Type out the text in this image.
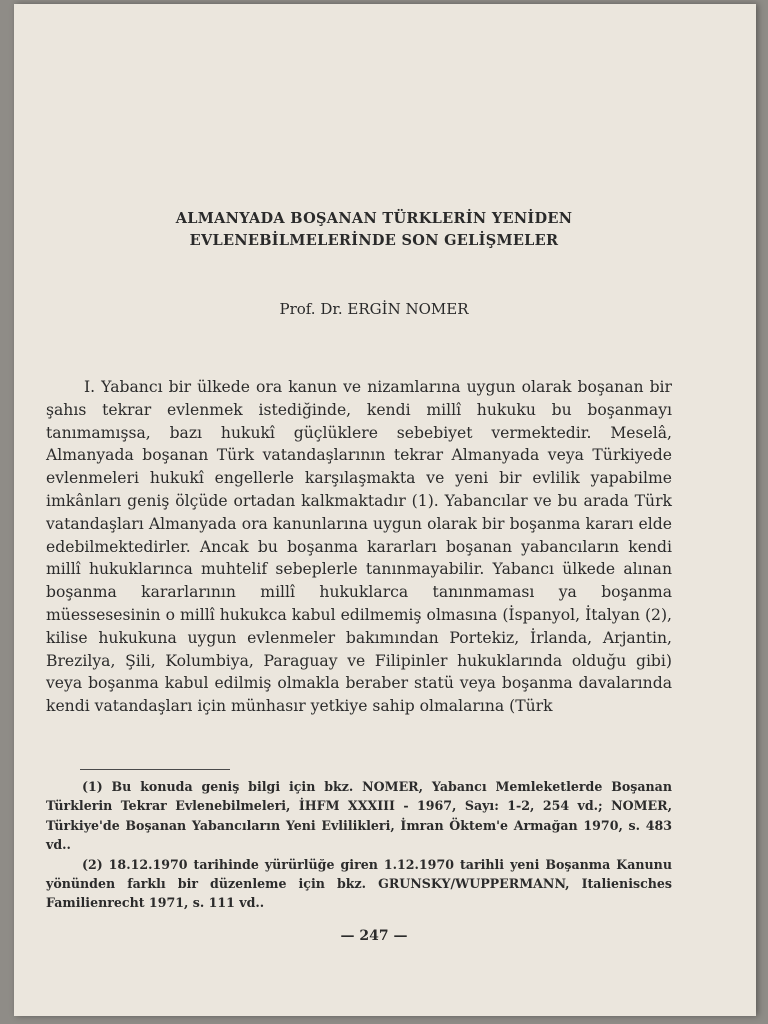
ALMANYADA BOŞANAN TÜRKLERİN YENİDEN
EVLENEBİLMELERİNDE SON GELİŞMELER
Prof. Dr. ERGİN NOMER
I. Yabancı bir ülkede ora kanun ve nizamlarına uygun olarak boşanan bir şahıs tekrar evlenmek istediğinde, kendi millî hukuku bu boşanmayı tanımamışsa, bazı hukukî güçlüklere sebebiyet vermektedir. Meselâ, Almanyada boşanan Türk vatandaşlarının tekrar Almanyada veya Türkiyede evlenmeleri hukukî engellerle karşılaşmakta ve yeni bir evlilik yapabilme imkânları geniş ölçüde ortadan kalkmaktadır (1). Yabancılar ve bu arada Türk vatandaşları Almanyada ora kanunlarına uygun olarak bir boşanma kararı elde edebilmektedirler. Ancak bu boşanma kararları boşanan yabancıların kendi millî hukuklarınca muhtelif sebeplerle tanınmayabilir. Yabancı ülkede alınan boşanma kararlarının millî hukuklarca tanınmaması ya boşanma müessesesinin o millî hukukca kabul edilmemiş olmasına (İspanyol, İtalyan (2), kilise hukukuna uygun evlenmeler bakımından Portekiz, İrlanda, Arjantin, Brezilya, Şili, Kolumbiya, Paraguay ve Filipinler hukuklarında olduğu gibi) veya boşanma kabul edilmiş olmakla beraber statü veya boşanma davalarında kendi vatandaşları için münhasır yetkiye sahip olmalarına (Türk

(1) Bu konuda geniş bilgi için bkz. NOMER, Yabancı Memleketlerde Boşanan Türklerin Tekrar Evlenebilmeleri, İHFM XXXIII - 1967, Sayı: 1-2, 254 vd.; NOMER, Türkiye'de Boşanan Yabancıların Yeni Evlilikleri, İmran Öktem'e Armağan 1970, s. 483 vd..

(2) 18.12.1970 tarihinde yürürlüğe giren 1.12.1970 tarihli yeni Boşanma Kanunu yönünden farklı bir düzenleme için bkz. GRUNSKY/WUPPERMANN, Italienisches Familienrecht 1971, s. 111 vd..

— 247 —
